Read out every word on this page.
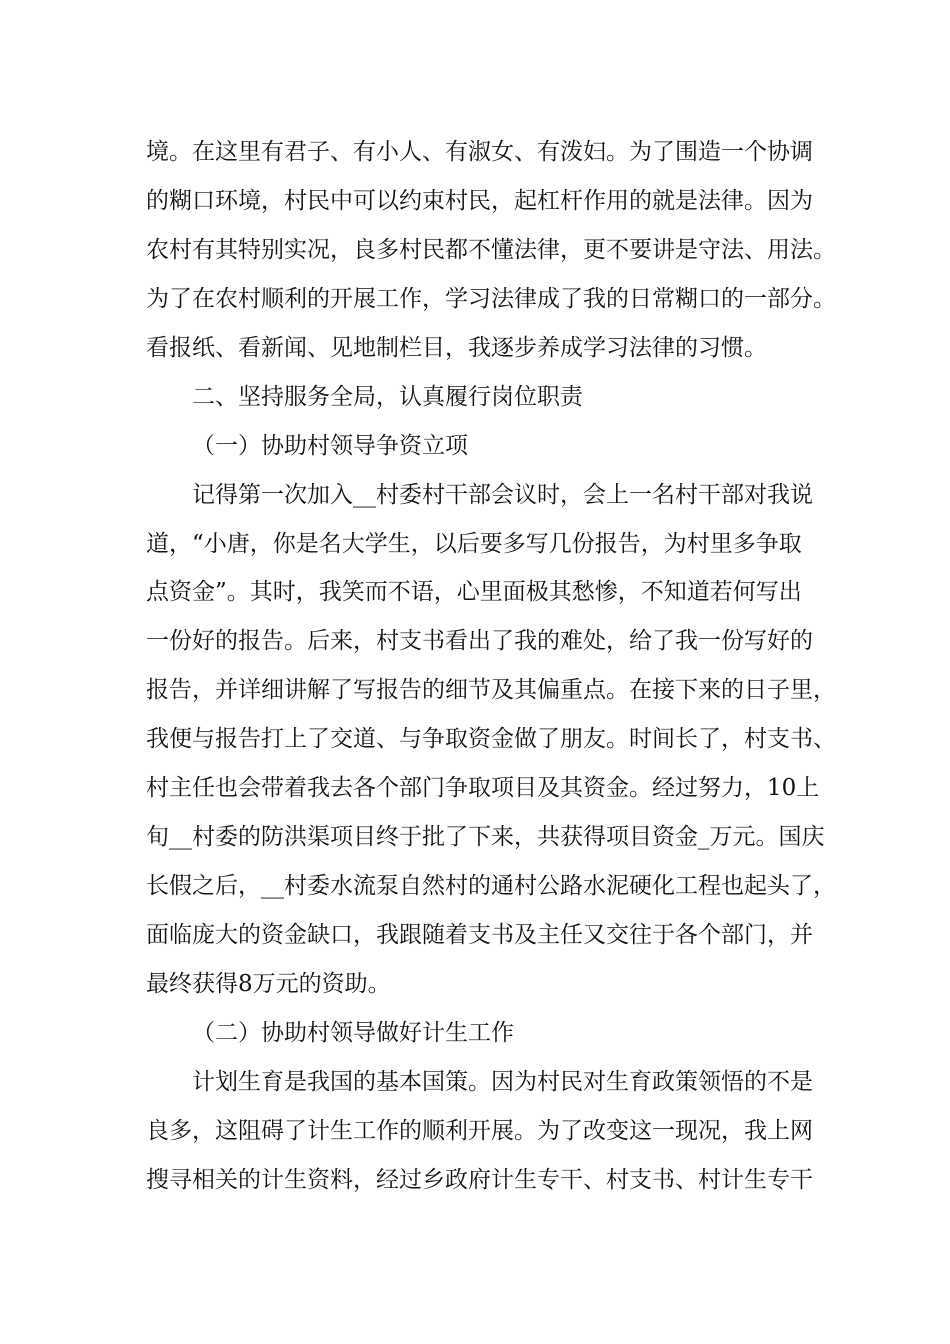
境。在这里有君子、有小人、有淑女、有泼妇。为了围造一个协调
的糊口环境，村民中可以约束村民，起杠杆作用的就是法律。因为
农村有其特别实况，良多村民都不懂法律，更不要讲是守法、用法。
为了在农村顺利的开展工作，学习法律成了我的日常糊口的一部分。
看报纸、看新闻、见地制栏目，我逐步养成学习法律的习惯。
二、坚持服务全局，认真履行岗位职责
（一）协助村领导争资立项
记得第一次加入__村委村干部会议时，会上一名村干部对我说
道，“小唐，你是名大学生，以后要多写几份报告，为村里多争取
点资金”。其时，我笑而不语，心里面极其愁惨，不知道若何写出
一份好的报告。后来，村支书看出了我的难处，给了我一份写好的
报告，并详细讲解了写报告的细节及其偏重点。在接下来的日子里，
我便与报告打上了交道、与争取资金做了朋友。时间长了，村支书、
村主任也会带着我去各个部门争取项目及其资金。经过努力，10上
旬__村委的防洪渠项目终于批了下来，共获得项目资金_万元。国庆
长假之后，__村委水流泵自然村的通村公路水泥硬化工程也起头了，
面临庞大的资金缺口，我跟随着支书及主任又交往于各个部门，并
最终获得8万元的资助。
（二）协助村领导做好计生工作
计划生育是我国的基本国策。因为村民对生育政策领悟的不是
良多，这阻碍了计生工作的顺利开展。为了改变这一现况，我上网
搜寻相关的计生资料，经过乡政府计生专干、村支书、村计生专干
